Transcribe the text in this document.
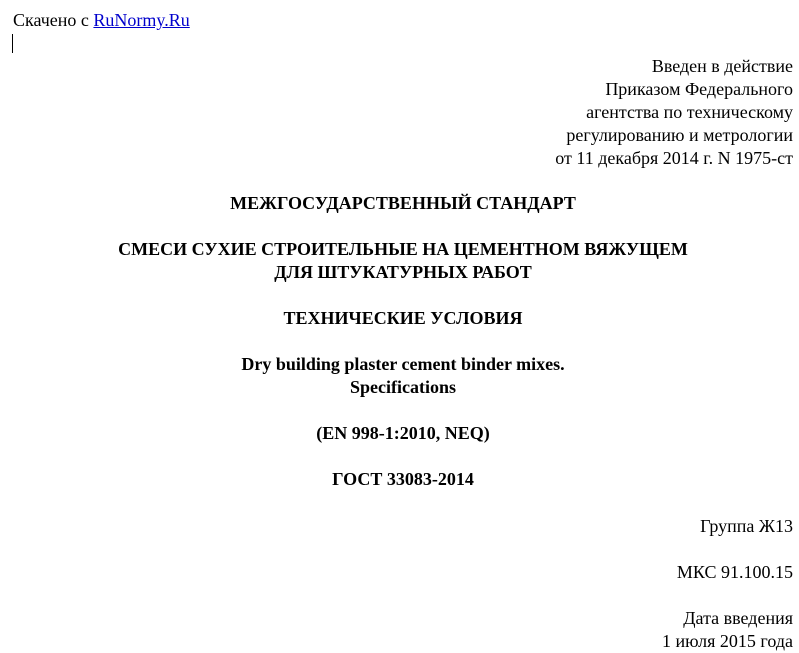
Скачено с RuNormy.Ru
Введен в действие
Приказом Федерального
агентства по техническому
регулированию и метрологии
от 11 декабря 2014 г. N 1975-ст
МЕЖГОСУДАРСТВЕННЫЙ СТАНДАРТ
СМЕСИ СУХИЕ СТРОИТЕЛЬНЫЕ НА ЦЕМЕНТНОМ ВЯЖУЩЕМ
ДЛЯ ШТУКАТУРНЫХ РАБОТ
ТЕХНИЧЕСКИЕ УСЛОВИЯ
Dry building plaster cement binder mixes.
Specifications
(EN 998-1:2010, NEQ)
ГОСТ 33083-2014
Группа Ж13
МКС 91.100.15
Дата введения
1 июля 2015 года
